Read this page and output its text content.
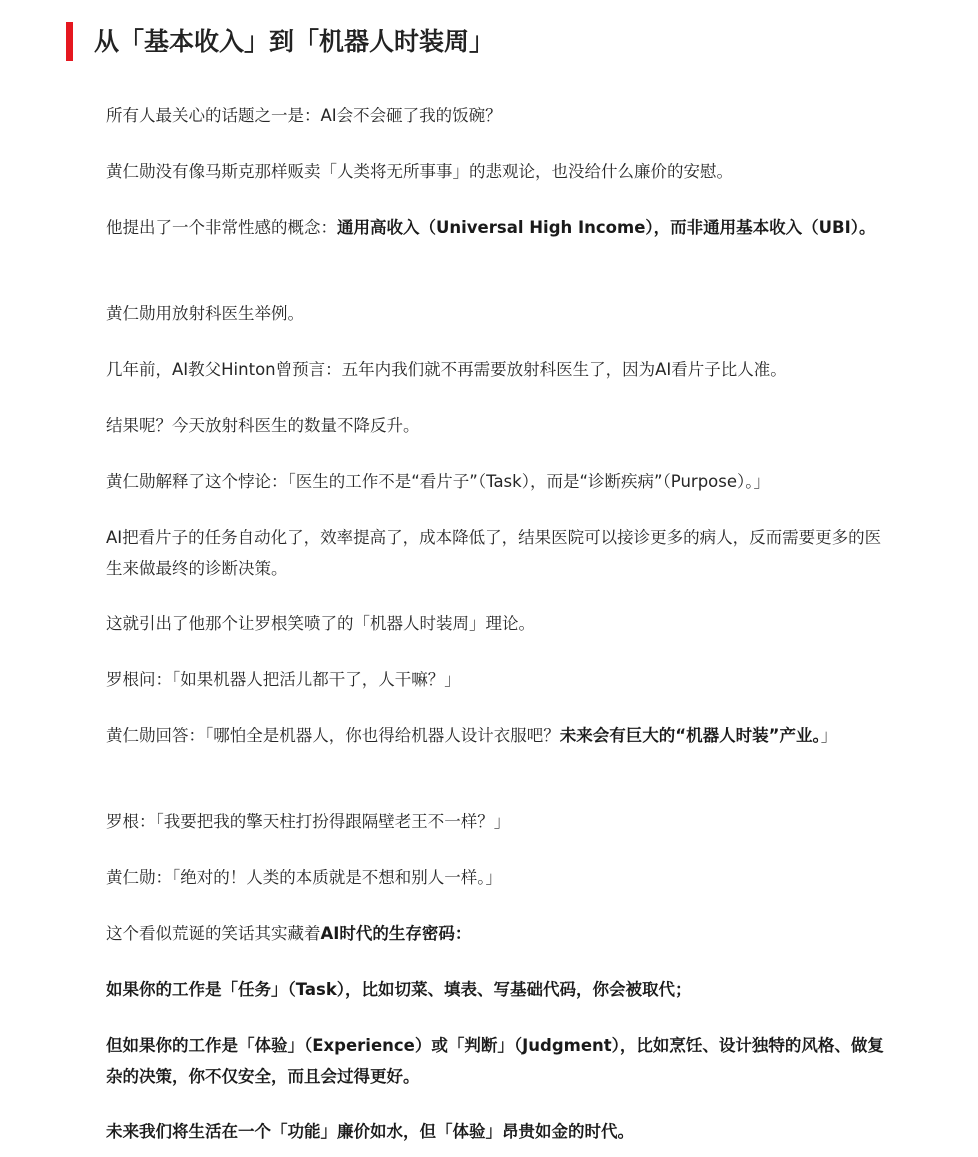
从「基本收入」到「机器人时装周」

所有人最关心的话题之一是：AI会不会砸了我的饭碗？

黄仁勋没有像马斯克那样贩卖「人类将无所事事」的悲观论，也没给什么廉价的安慰。

他提出了一个非常性感的概念：通用高收入（Universal High Income），而非通用基本收入（UBI）。

黄仁勋用放射科医生举例。

几年前，AI教父Hinton曾预言：五年内我们就不再需要放射科医生了，因为AI看片子比人准。

结果呢？今天放射科医生的数量不降反升。

黄仁勋解释了这个悖论：「医生的工作不是“看片子”（Task），而是“诊断疾病”（Purpose）。」

AI把看片子的任务自动化了，效率提高了，成本降低了，结果医院可以接诊更多的病人，反而需要更多的医生来做最终的诊断决策。

这就引出了他那个让罗根笑喷了的「机器人时装周」理论。

罗根问：「如果机器人把活儿都干了，人干嘛？」

黄仁勋回答：「哪怕全是机器人，你也得给机器人设计衣服吧？未来会有巨大的“机器人时装”产业。」

罗根：「我要把我的擎天柱打扮得跟隔壁老王不一样？」

黄仁勋：「绝对的！人类的本质就是不想和别人一样。」

这个看似荒诞的笑话其实藏着AI时代的生存密码：

如果你的工作是「任务」（Task），比如切菜、填表、写基础代码，你会被取代；

但如果你的工作是「体验」（Experience）或「判断」（Judgment），比如烹饪、设计独特的风格、做复杂的决策，你不仅安全，而且会过得更好。

未来我们将生活在一个「功能」廉价如水，但「体验」昂贵如金的时代。
